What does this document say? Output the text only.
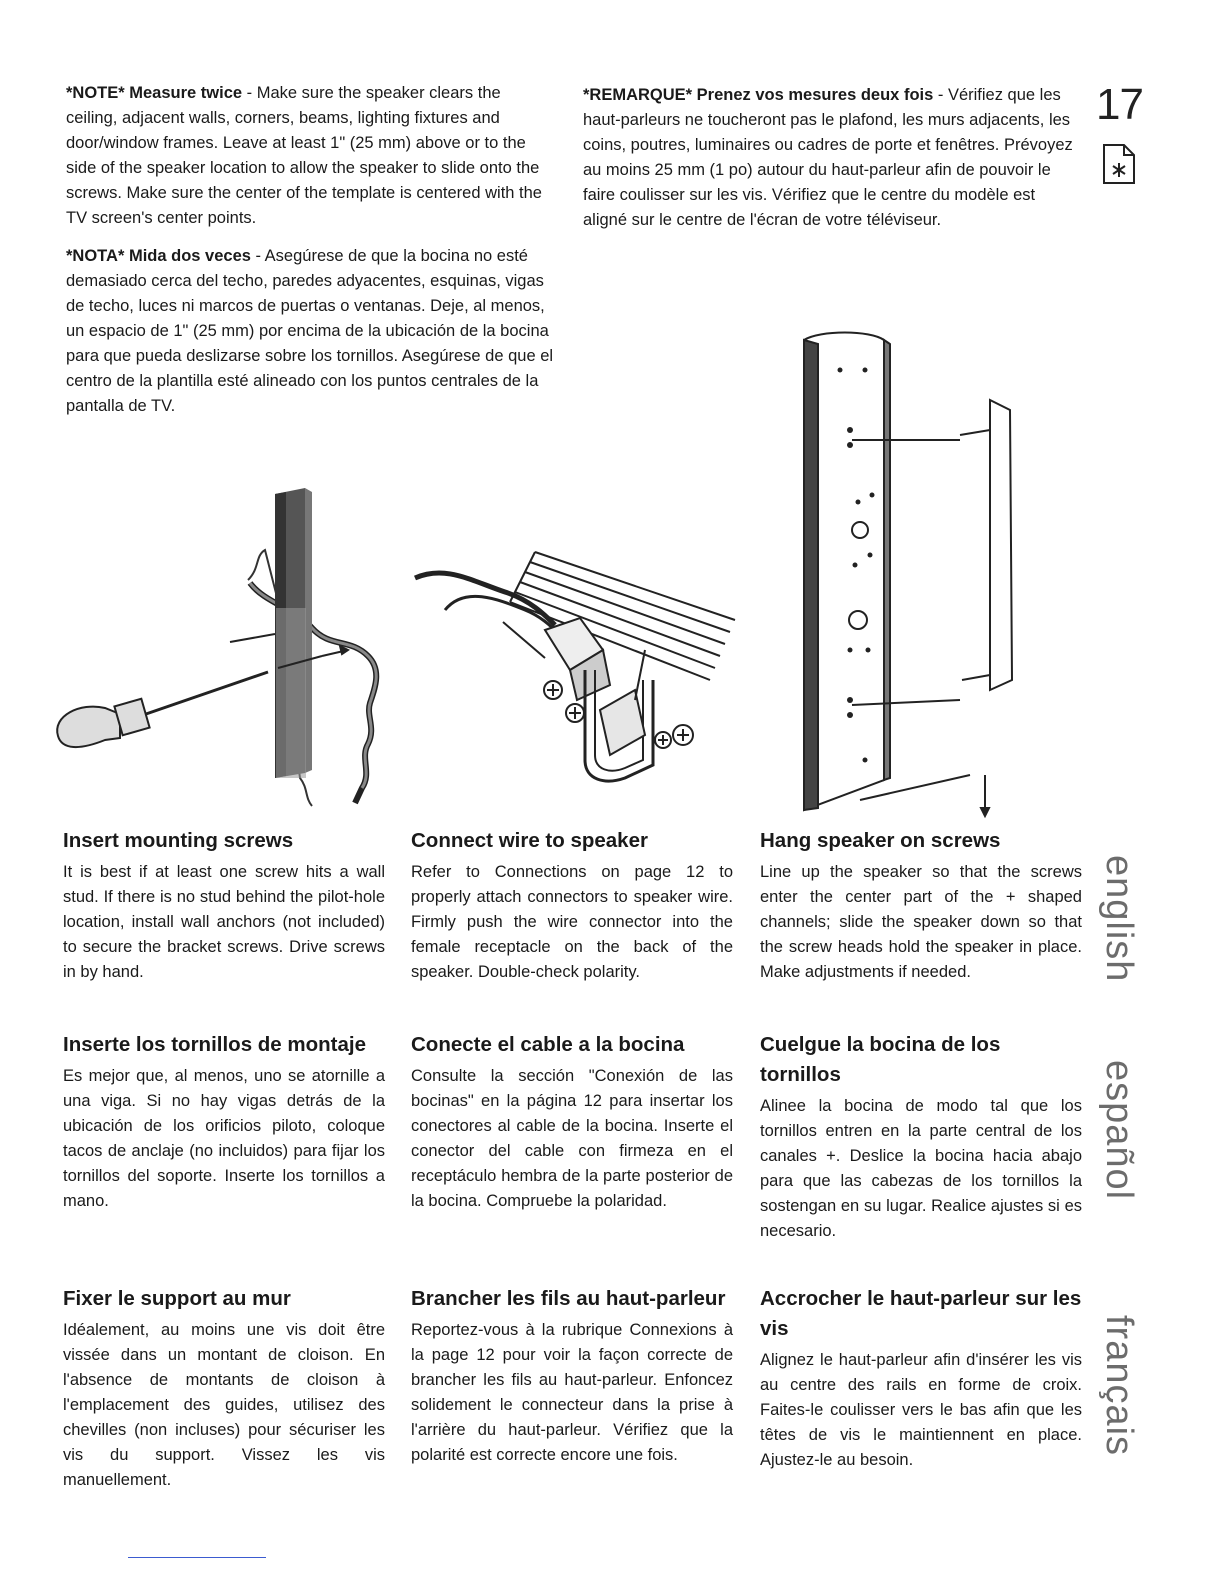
*NOTE* Measure twice - Make sure the speaker clears the ceiling, adjacent walls, corners, beams, lighting fixtures and door/window frames. Leave at least 1" (25 mm) above or to the side of the speaker location to allow the speaker to slide onto the screws. Make sure the center of the template is centered with the TV screen's center points.
*NOTA* Mida dos veces - Asegúrese de que la bocina no esté demasiado cerca del techo, paredes adyacentes, esquinas, vigas de techo, luces ni marcos de puertas o ventanas. Deje, al menos, un espacio de 1" (25 mm) por encima de la ubicación de la bocina para que pueda deslizarse sobre los tornillos. Asegúrese de que el centro de la plantilla esté alineado con los puntos centrales de la pantalla de TV.
*REMARQUE* Prenez vos mesures deux fois - Vérifiez que les haut-parleurs ne toucheront pas le plafond, les murs adjacents, les coins, poutres, luminaires ou cadres de porte et fenêtres. Prévoyez au moins 25 mm (1 po) autour du haut-parleur afin de pouvoir le faire coulisser sur les vis. Vérifiez que le centre du modèle est aligné sur le centre de l'écran de votre téléviseur.
17
Insert mounting screws

It is best if at least one screw hits a wall stud. If there is no stud behind the pilot-hole location, install wall anchors (not included) to secure the bracket screws. Drive screws in by hand.

Connect wire to speaker

Refer to Connections on page 12 to properly attach connectors to speaker wire. Firmly push the wire connector into the female receptacle on the back of the speaker. Double-check polarity.

Hang speaker on screws

Line up the speaker so that the screws enter the center part of the + shaped channels; slide the speaker down so that the screw heads hold the speaker in place. Make adjustments if needed.

Inserte los tornillos de montaje

Es mejor que, al menos, uno se atornille a una viga. Si no hay vigas detrás de la ubicación de los orificios piloto, coloque tacos de anclaje (no incluidos) para fijar los tornillos del soporte. Inserte los tornillos a mano.

Conecte el cable a la bocina

Consulte la sección "Conexión de las bocinas" en la página 12 para insertar los conectores al cable de la bocina. Inserte el conector del cable con firmeza en el receptáculo hembra de la parte posterior de la bocina. Compruebe la polaridad.

Cuelgue la bocina de los tornillos

Alinee la bocina de modo tal que los tornillos entren en la parte central de los canales +. Deslice la bocina hacia abajo para que las cabezas de los tornillos la sostengan en su lugar. Realice ajustes si es necesario.

Fixer le support au mur

Idéalement, au moins une vis doit être vissée dans un montant de cloison. En l'absence de montants de cloison à l'emplacement des guides, utilisez des chevilles (non incluses) pour sécuriser les vis du support. Vissez les vis manuellement.

Brancher les fils au haut-parleur

Reportez-vous à la rubrique Connexions à la page 12 pour voir la façon correcte de brancher les fils au haut-parleur. Enfoncez solidement le connecteur dans la prise à l'arrière du haut-parleur. Vérifiez que la polarité est correcte encore une fois.

Accrocher le haut-parleur sur les vis

Alignez le haut-parleur afin d'insérer les vis au centre des rails en forme de croix. Faites-le coulisser vers le bas afin que les têtes de vis le maintiennent en place. Ajustez-le au besoin.

english
español
français
